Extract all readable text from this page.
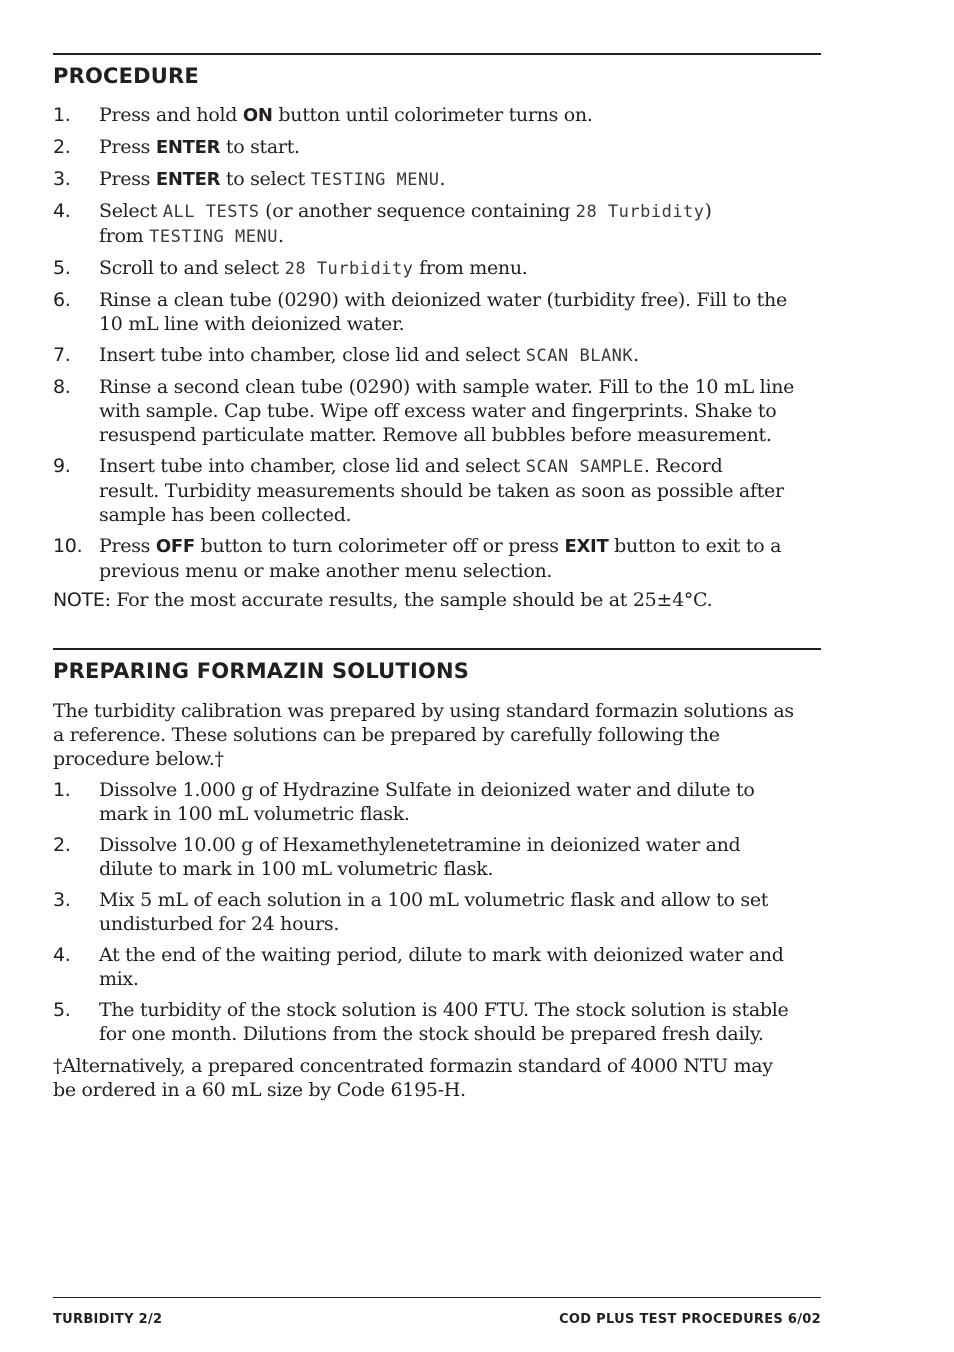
PROCEDURE
1. Press and hold ON button until colorimeter turns on.
2. Press ENTER to start.
3. Press ENTER to select TESTING MENU.
4. Select ALL TESTS (or another sequence containing 28 Turbidity)
from TESTING MENU.
5. Scroll to and select 28 Turbidity from menu.
6. Rinse a clean tube (0290) with deionized water (turbidity free). Fill to the
10 mL line with deionized water.
7. Insert tube into chamber, close lid and select SCAN BLANK.
8. Rinse a second clean tube (0290) with sample water. Fill to the 10 mL line
with sample. Cap tube. Wipe off excess water and fingerprints. Shake to
resuspend particulate matter. Remove all bubbles before measurement.
9. Insert tube into chamber, close lid and select SCAN SAMPLE. Record
result. Turbidity measurements should be taken as soon as possible after
sample has been collected.
10. Press OFF button to turn colorimeter off or press EXIT button to exit to a
previous menu or make another menu selection.
NOTE: For the most accurate results, the sample should be at 25±4°C.
PREPARING FORMAZIN SOLUTIONS
The turbidity calibration was prepared by using standard formazin solutions as
a reference. These solutions can be prepared by carefully following the
procedure below.†
1. Dissolve 1.000 g of Hydrazine Sulfate in deionized water and dilute to
mark in 100 mL volumetric flask.
2. Dissolve 10.00 g of Hexamethylenetetramine in deionized water and
dilute to mark in 100 mL volumetric flask.
3. Mix 5 mL of each solution in a 100 mL volumetric flask and allow to set
undisturbed for 24 hours.
4. At the end of the waiting period, dilute to mark with deionized water and
mix.
5. The turbidity of the stock solution is 400 FTU. The stock solution is stable
for one month. Dilutions from the stock should be prepared fresh daily.
†Alternatively, a prepared concentrated formazin standard of 4000 NTU may
be ordered in a 60 mL size by Code 6195-H.
TURBIDITY 2/2	COD PLUS TEST PROCEDURES 6/02
